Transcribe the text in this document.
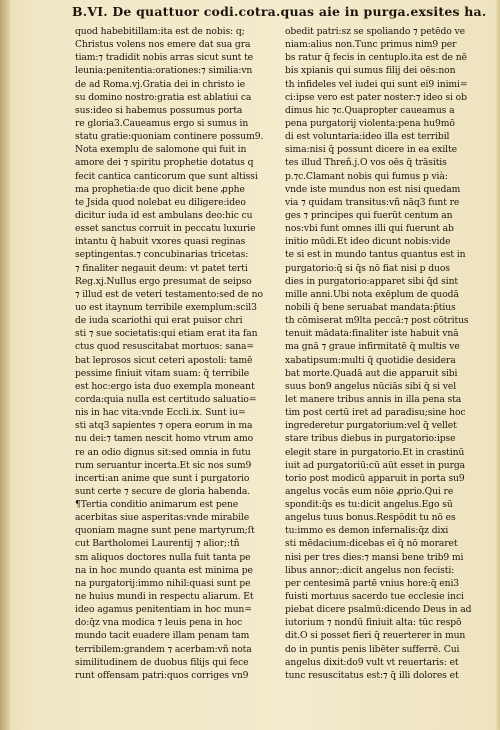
B.VI. De quattuor codi.cotra.quas aie in purga.exsites ha.
quod habebitillam:ita est de nobis: q;
Christus volens nos emere dat sua gra
tiam:⁊ tradidit nobis arras sicut sunt te
leunia:penitentia:orationes:⁊ similia:vn
de ad Roma.vj.Gratia dei in christo ie
su domino nostro:gratia est ablatiui ca
sus:ideo si habemus possumus porta
re gloria3.Caueamus ergo si sumus in
statu gratie:quoniam continere possum9.
Nota exemplu de salomone qui fuit in
amore dei ⁊ spiritu prophetie dotatus q
fecit cantica canticorum que sunt altissi
ma prophetia:de quo dicit bene ꝓphe
te Jsida quod nolebat eu diligere:ideo
dicitur iuda id est ambulans deo:hic cu
esset sanctus corruit in peccatu luxurie
intantu q̄ habuit vxores quasi reginas
septingentas.⁊ concubinarias tricetas:
⁊ finaliter negauit deum: vt patet terti
Reg.xj.Nullus ergo presumat de seipso
⁊ illud est de veteri testamento:sed de no
uo est itaynum terribile exemplum:scil3
de iuda scariothi qui erat puisor chri
sti ⁊ sue societatis:qui etiam erat ita fan
ctus quod resuscitabat mortuos: sana=
bat leprosos sicut ceteri apostoli: tamē
pessime finiuit vitam suam: q̄ terribile
est hoc:ergo ista duo exempla moneant
corda:quia nulla est certitudo saluatio=
nis in hac vita:vnde Eccli.ix. Sunt iu=
sti atq3 sapientes ⁊ opera eorum in ma
nu dei:⁊ tamen nescit homo vtrum amo
re an odio dignus sit:sed omnia in futu
rum seruantur incerta.Et sic nos sum9
incerti:an anime que sunt i purgatorio
sunt certe ⁊ secure de gloria habenda.
¶Tertia conditio animarum est pene
acerbitas siue asperitas:vnde mirabile
quoniam magne sunt pene martyrum;ſt
cut Bartholomei Laurentij ⁊ alior;:tñ
sm aliquos doctores nulla fuit tanta pe
na in hoc mundo quanta est minima pe
na purgatorij:immo nihil:quasi sunt pe
ne huius mundi in respectu aliarum. Et
ideo agamus penitentiam in hoc mun=
do:q̄z vna modica ⁊ leuis pena in hoc
mundo tacit euadere illam penam tam
terribilem:grandem ⁊ acerbam:vñ nota
similitudinem de duobus filijs qui fece
runt offensam patri:quos corriges vn9
obedit patri:sz se spoliando ⁊ petēdo ve
niam:alius non.Tunc primus nim9 per
bs ratur q̄ fecis in centuplo.ita est de nē
bis xpianis qui sumus filij dei oēs:non
th infideles vel iudei qui sunt ei9 inimi=
ci:ipse vero est pater noster:⁊ ideo si ob
dimus hic ⁊c.Quapropter caueamus a
pena purgatorij violenta:pena hu9mō
di est voluntaria:ideo illa est terribil
sima:nisi q̄ possunt dicere in ea exilte
tes illud Threñ.j.O vos oēs q̄ trāsitis
p.⁊c.Clamant nobis qui fumus p vià:
vnde iste mundus non est nisi quedam
via ⁊ quidam transitus:vñ nāq3 funt re
ges ⁊ principes qui fuerūt centum an
nos:vbi funt omnes illi qui fuerunt ab
initio mūdi.Et ideo dicunt nobis:vide
te si est in mundo tantus quantus est in
purgatorio:q̄ si q̄s nō fiat nisi p duos
dies in purgatorio:apparet sibi q̄d sint
mille anni.Ubi nota exēplum de quodā
nobili q̄ bene seruabat mandata:p̄tius
th cōmiserat m9lta peccā:⁊ post cōtritus
tenuit mādata:finaliter iste habuit vnā
ma gnā ⁊ graue infirmitatē q̄ multis ve
xabatipsum:multi q̄ quotidie desidera
bat morte.Quadā aut die apparuit sibi
suus bon9 angelus nūciās sibi q̄ si vel
let manere tribus annis in illa pena sta
tim post certū iret ad paradisu;sine hoc
ingrederetur purgatorium:vel q̄ vellet
stare tribus diebus in purgatorio:ipse
elegit stare in purgatorio.Et in crastinū
iuit ad purgatoriū:cū aūt esset in purga
torio post modicū apparuit in porta su9
angelus vocās eum nōie ꝓprio.Qui re
spondit:q̄s es tu:dicit angelus.Ego sū
angelus tuus bonus.Respōdit tu nō es
tu:immo es demon infernalis:q̄z dixi
sti mēdacium:dicebas eī q̄ nō moraret
nisi per tres dies:⁊ mansi bene trib9 mi
libus annor;:dicit angelus non fecisti:
per centesimā partē vnius hore:q̄ eni3
fuisti mortuus sacerdo tue ecclesie inci
piebat dicere psalmū:dicendo Deus in ad
iutorium ⁊ nondū finiuit alta: tūc respō
dit.O si posset fieri q̄ reuerterer in mun
do in puntis penis libēter sufferrē. Cui
angelus dixit:do9 vult vt reuertaris: et
tunc resuscitatus est:⁊ q̄ illi dolores et
